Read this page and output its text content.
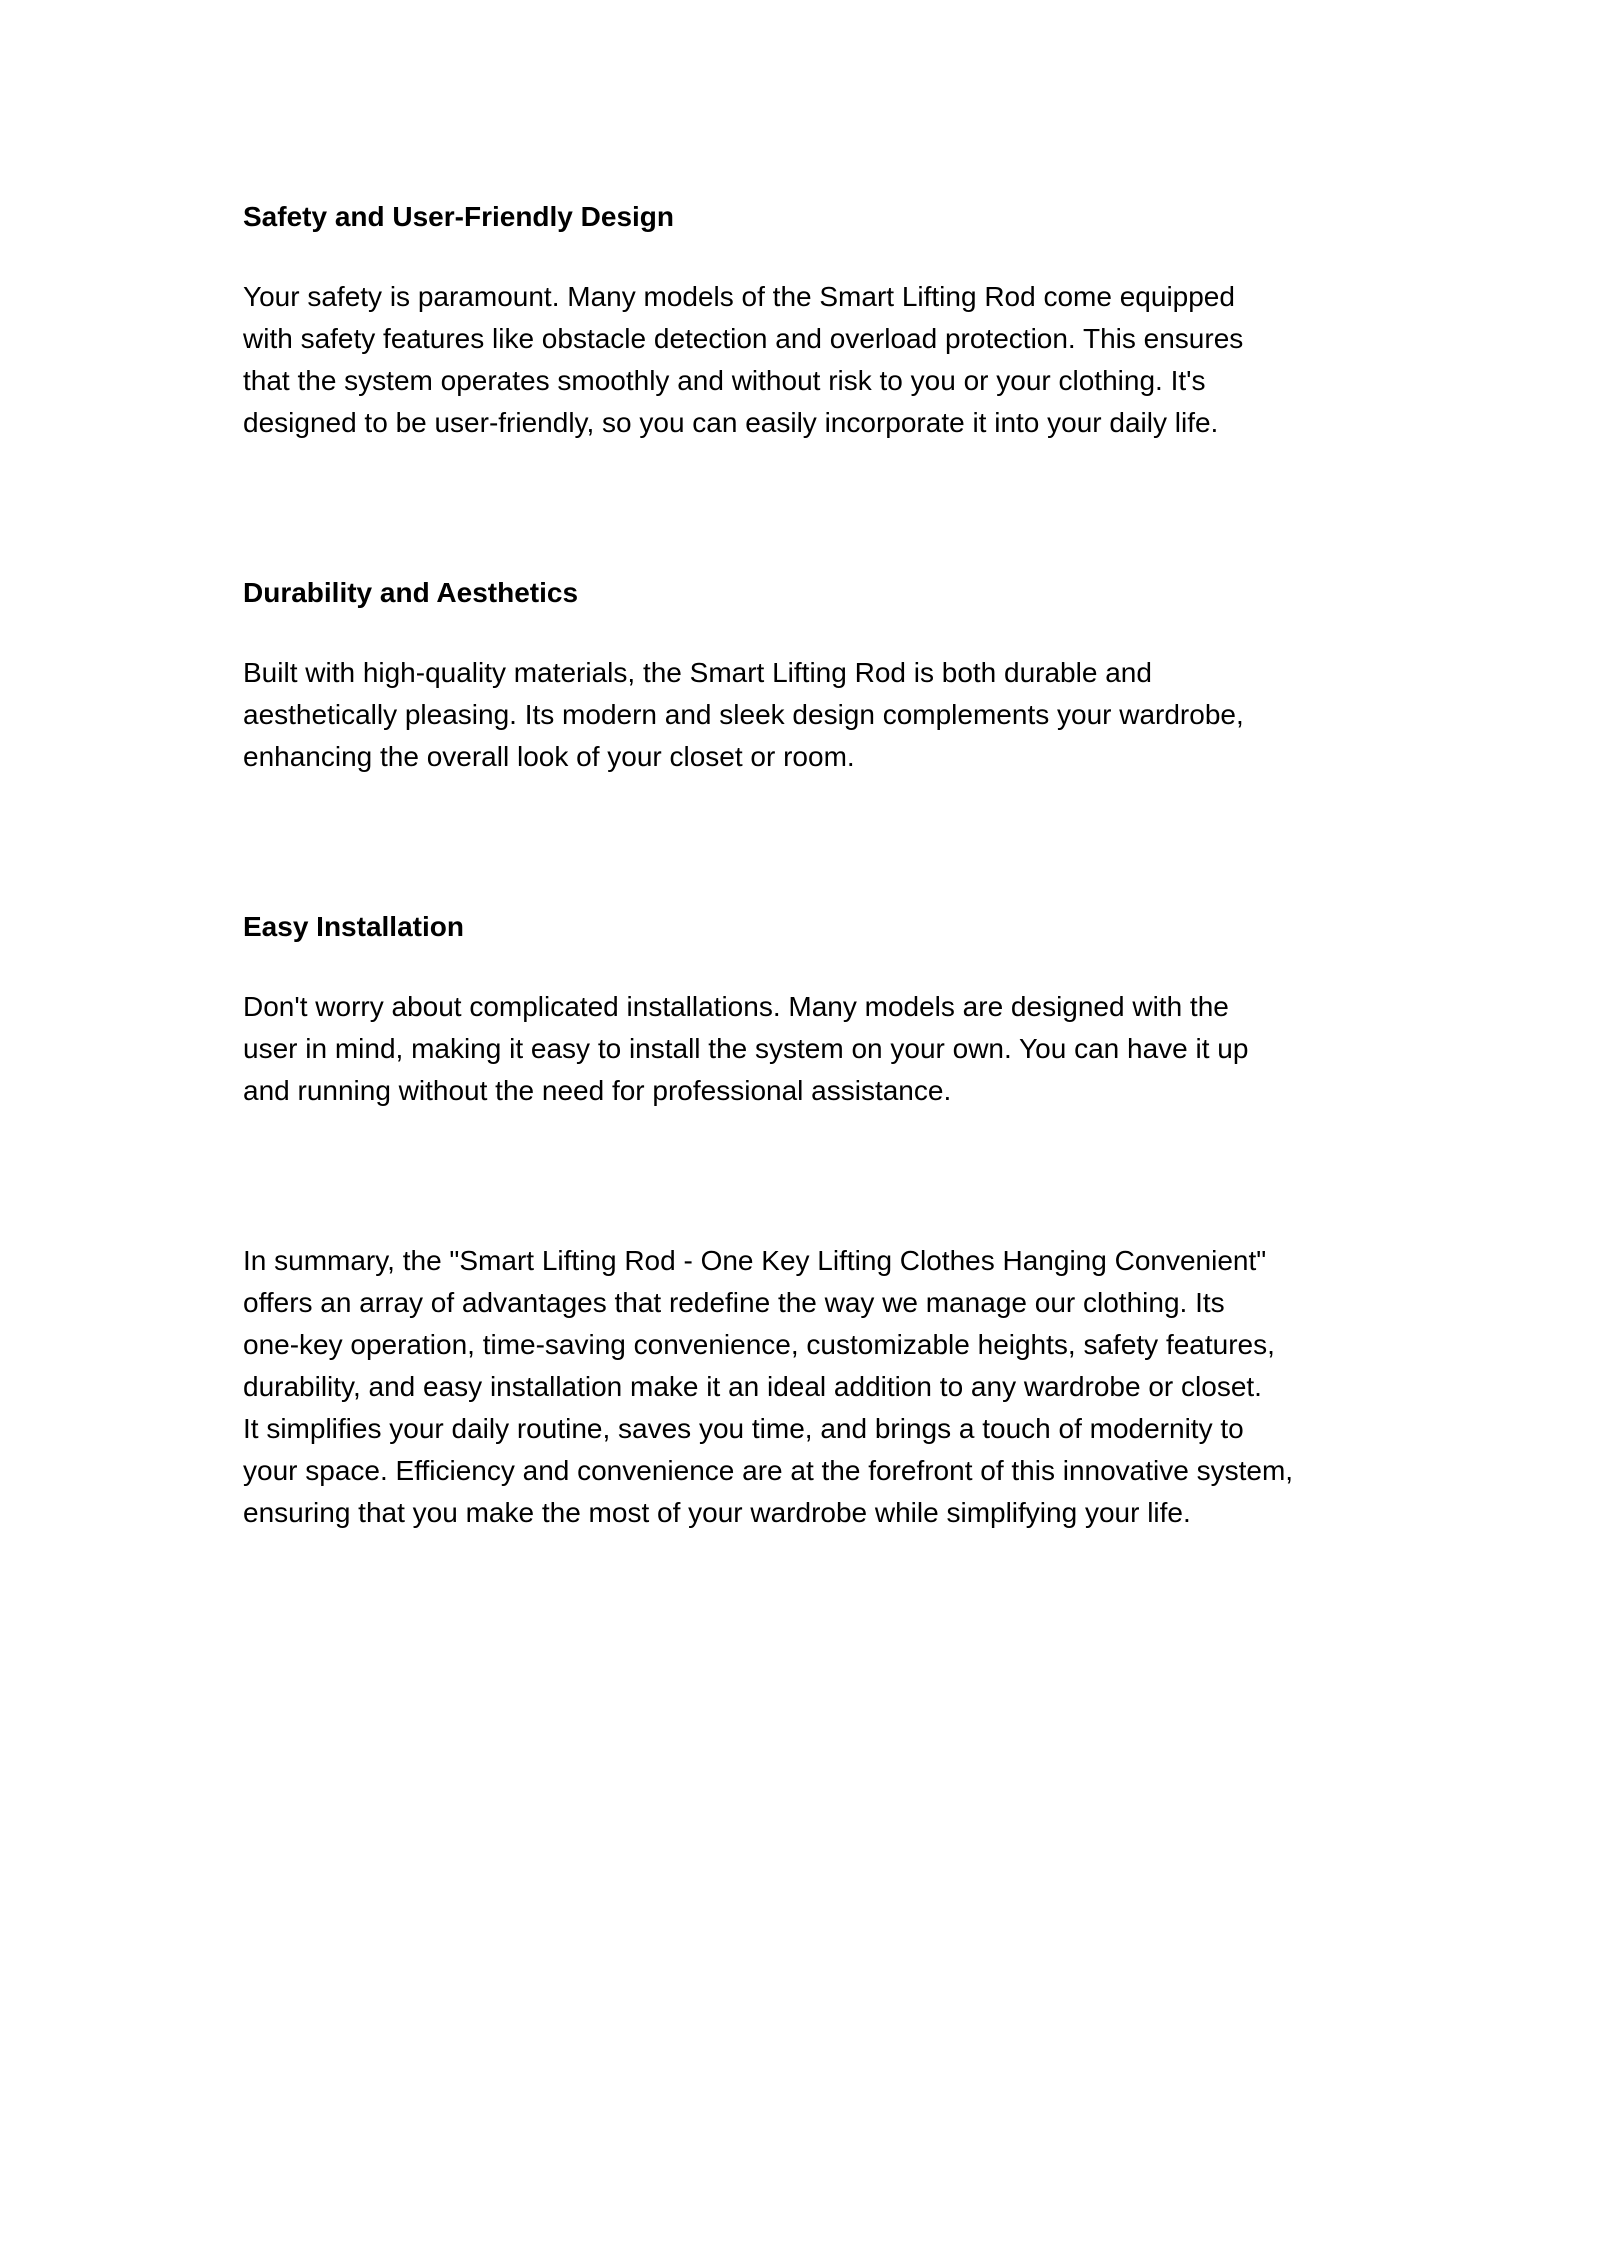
Safety and User-Friendly Design

Your safety is paramount. Many models of the Smart Lifting Rod come equipped
with safety features like obstacle detection and overload protection. This ensures
that the system operates smoothly and without risk to you or your clothing. It's
designed to be user-friendly, so you can easily incorporate it into your daily life.

Durability and Aesthetics

Built with high-quality materials, the Smart Lifting Rod is both durable and
aesthetically pleasing. Its modern and sleek design complements your wardrobe,
enhancing the overall look of your closet or room.

Easy Installation

Don't worry about complicated installations. Many models are designed with the
user in mind, making it easy to install the system on your own. You can have it up
and running without the need for professional assistance.

In summary, the "Smart Lifting Rod - One Key Lifting Clothes Hanging Convenient"
offers an array of advantages that redefine the way we manage our clothing. Its
one-key operation, time-saving convenience, customizable heights, safety features,
durability, and easy installation make it an ideal addition to any wardrobe or closet.
It simplifies your daily routine, saves you time, and brings a touch of modernity to
your space. Efficiency and convenience are at the forefront of this innovative system,
ensuring that you make the most of your wardrobe while simplifying your life.
